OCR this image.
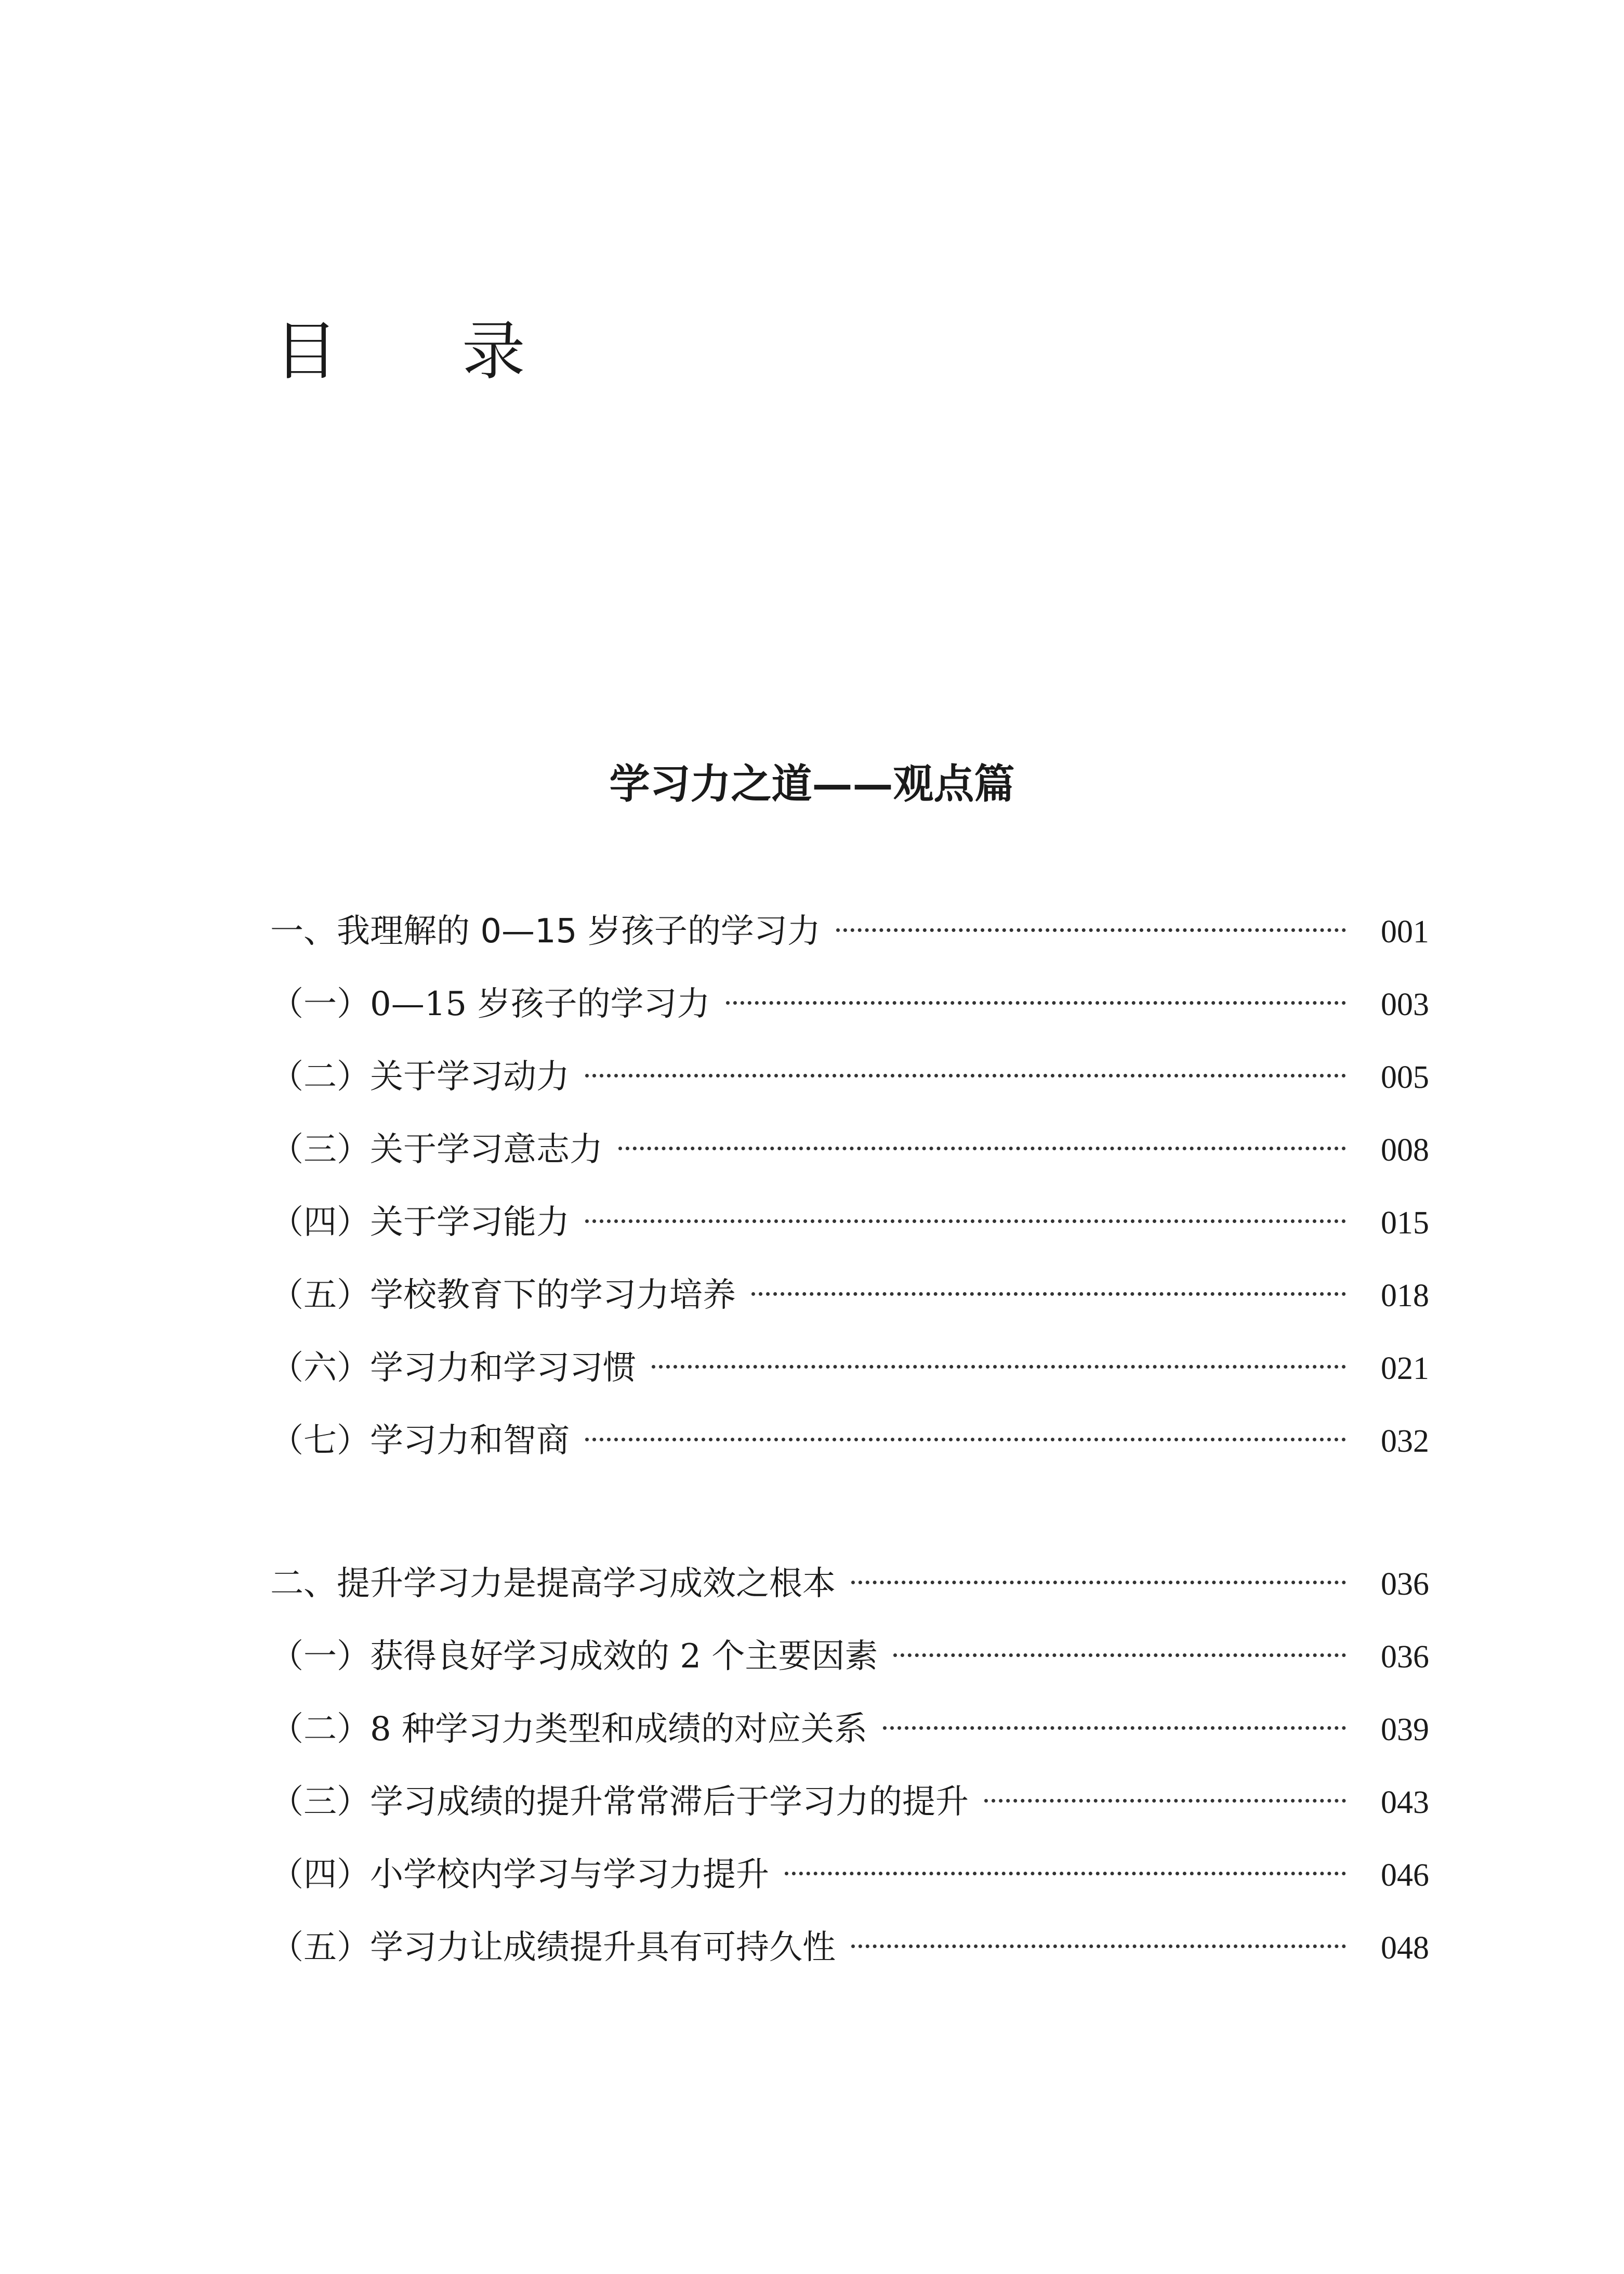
目 录
学习力之道——观点篇
一、我理解的 0—15 岁孩子的学习力	001
（一）0—15 岁孩子的学习力	003
（二）关于学习动力	005
（三）关于学习意志力	008
（四）关于学习能力	015
（五）学校教育下的学习力培养	018
（六）学习力和学习习惯	021
（七）学习力和智商	032
二、提升学习力是提高学习成效之根本	036
（一）获得良好学习成效的 2 个主要因素	036
（二）8 种学习力类型和成绩的对应关系	039
（三）学习成绩的提升常常滞后于学习力的提升	043
（四）小学校内学习与学习力提升	046
（五）学习力让成绩提升具有可持久性	048
